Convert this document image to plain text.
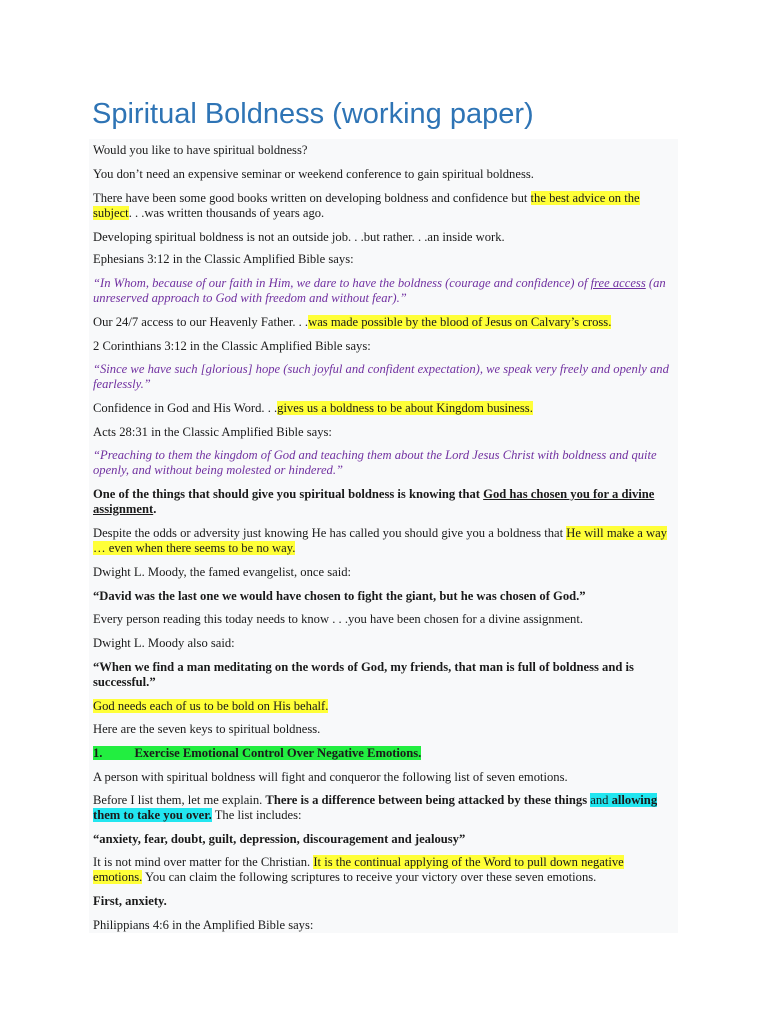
Spiritual Boldness (working paper)

Would you like to have spiritual boldness?

You don’t need an expensive seminar or weekend conference to gain spiritual boldness.

There have been some good books written on developing boldness and confidence but the best advice on the subject. . .was written thousands of years ago.

Developing spiritual boldness is not an outside job. . .but rather. . .an inside work.

Ephesians 3:12 in the Classic Amplified Bible says:

“In Whom, because of our faith in Him, we dare to have the boldness (courage and confidence) of free access (an unreserved approach to God with freedom and without fear).”

Our 24/7 access to our Heavenly Father. . .was made possible by the blood of Jesus on Calvary’s cross.

2 Corinthians 3:12 in the Classic Amplified Bible says:

“Since we have such [glorious] hope (such joyful and confident expectation), we speak very freely and openly and fearlessly.”

Confidence in God and His Word. . .gives us a boldness to be about Kingdom business.

Acts 28:31 in the Classic Amplified Bible says:

“Preaching to them the kingdom of God and teaching them about the Lord Jesus Christ with boldness and quite openly, and without being molested or hindered.”

One of the things that should give you spiritual boldness is knowing that God has chosen you for a divine assignment.

Despite the odds or adversity just knowing He has called you should give you a boldness that He will make a way … even when there seems to be no way.

Dwight L. Moody, the famed evangelist, once said:

“David was the last one we would have chosen to fight the giant, but he was chosen of God.”

Every person reading this today needs to know . . .you have been chosen for a divine assignment.

Dwight L. Moody also said:

“When we find a man meditating on the words of God, my friends, that man is full of boldness and is successful.”

God needs each of us to be bold on His behalf.

Here are the seven keys to spiritual boldness.

1.	Exercise Emotional Control Over Negative Emotions.

A person with spiritual boldness will fight and conqueror the following list of seven emotions.

Before I list them, let me explain. There is a difference between being attacked by these things and allowing them to take you over. The list includes:

“anxiety, fear, doubt, guilt, depression, discouragement and jealousy”

It is not mind over matter for the Christian. It is the continual applying of the Word to pull down negative emotions. You can claim the following scriptures to receive your victory over these seven emotions.

First, anxiety.

Philippians 4:6 in the Amplified Bible says:
